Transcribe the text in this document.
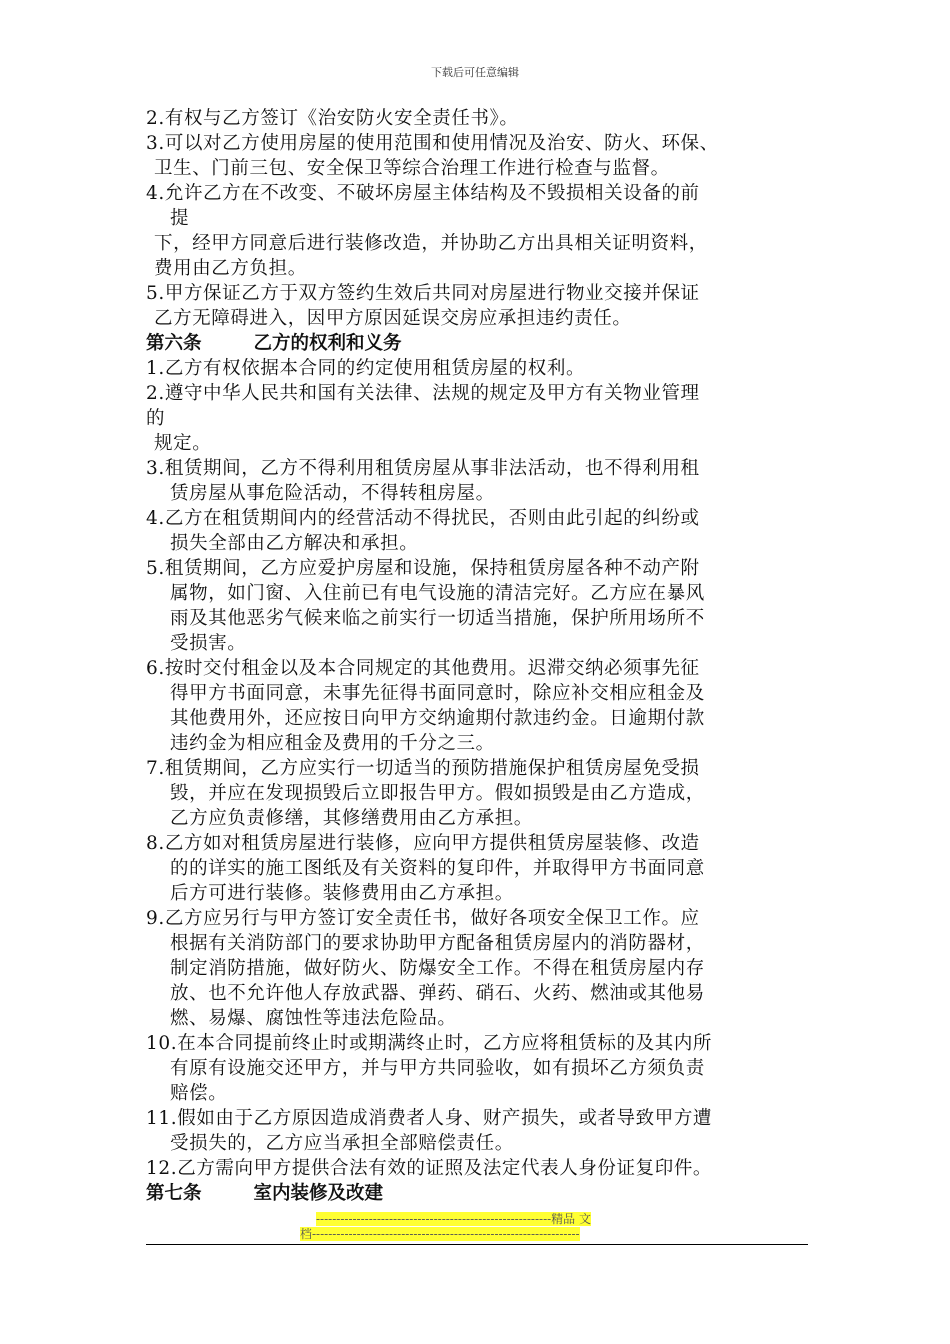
下载后可任意编辑
2.有权与乙方签订《治安防火安全责任书》。
3.可以对乙方使用房屋的使用范围和使用情况及治安、防火、环保、
卫生、门前三包、安全保卫等综合治理工作进行检查与监督。
4.允许乙方在不改变、不破坏房屋主体结构及不毁损相关设备的前
提
下，经甲方同意后进行装修改造，并协助乙方出具相关证明资料，
费用由乙方负担。
5.甲方保证乙方于双方签约生效后共同对房屋进行物业交接并保证
乙方无障碍进入，因甲方原因延误交房应承担违约责任。
第六条	乙方的权利和义务
1.乙方有权依据本合同的约定使用租赁房屋的权利。
2.遵守中华人民共和国有关法律、法规的规定及甲方有关物业管理
的
规定。
3.租赁期间，乙方不得利用租赁房屋从事非法活动，也不得利用租
赁房屋从事危险活动，不得转租房屋。
4.乙方在租赁期间内的经营活动不得扰民，否则由此引起的纠纷或
损失全部由乙方解决和承担。
5.租赁期间，乙方应爱护房屋和设施，保持租赁房屋各种不动产附
属物，如门窗、入住前已有电气设施的清洁完好。乙方应在暴风
雨及其他恶劣气候来临之前实行一切适当措施，保护所用场所不
受损害。
6.按时交付租金以及本合同规定的其他费用。迟滞交纳必须事先征
得甲方书面同意，未事先征得书面同意时，除应补交相应租金及
其他费用外，还应按日向甲方交纳逾期付款违约金。日逾期付款
违约金为相应租金及费用的千分之三。
7.租赁期间，乙方应实行一切适当的预防措施保护租赁房屋免受损
毁，并应在发现损毁后立即报告甲方。假如损毁是由乙方造成，
乙方应负责修缮，其修缮费用由乙方承担。
8.乙方如对租赁房屋进行装修，应向甲方提供租赁房屋装修、改造
的的详实的施工图纸及有关资料的复印件，并取得甲方书面同意
后方可进行装修。装修费用由乙方承担。
9.乙方应另行与甲方签订安全责任书，做好各项安全保卫工作。应
根据有关消防部门的要求协助甲方配备租赁房屋内的消防器材，
制定消防措施，做好防火、防爆安全工作。不得在租赁房屋内存
放、也不允许他人存放武器、弹药、硝石、火药、燃油或其他易
燃、易爆、腐蚀性等违法危险品。
10.在本合同提前终止时或期满终止时，乙方应将租赁标的及其内所
有原有设施交还甲方，并与甲方共同验收，如有损坏乙方须负责
赔偿。
11.假如由于乙方原因造成消费者人身、财产损失，或者导致甲方遭
受损失的，乙方应当承担全部赔偿责任。
12.乙方需向甲方提供合法有效的证照及法定代表人身份证复印件。
第七条	室内装修及改建
----------------------------------------------------------精品 文
档------------------------------------------------------------------
